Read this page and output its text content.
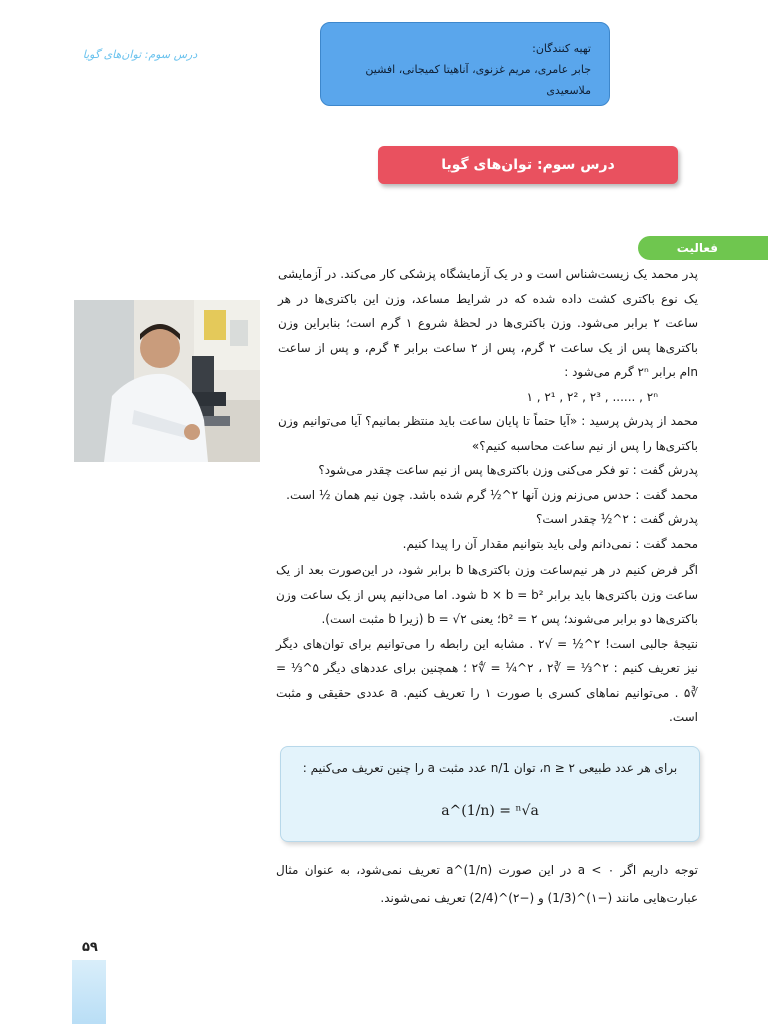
درس سوم: توان‌های گویا	تهیه کنندگان:
جابر عامری، مریم غزنوی، آناهیتا کمیجانی، افشین ملاسعیدی
درس سوم: توان‌های گویا
فعالیت

پدر محمد یک زیست‌شناس است و در یک آزمایشگاه پزشکی کار می‌کند. در آزمایشی یک نوع باکتری کشت داده شده که در شرایط مساعد، وزن این باکتری‌ها در هر ساعت ۲ برابر می‌شود. وزن باکتری‌ها در لحظهٔ شروع ۱ گرم است؛ بنابراین وزن باکتری‌ها پس از یک ساعت ۲ گرم، پس از ۲ ساعت برابر ۴ گرم، و پس از ساعت nام برابر ۲ⁿ گرم می‌شود :

۱ , ۲¹ , ۲² , ۲³ , ...... , ۲ⁿ

محمد از پدرش پرسید : «آیا حتماً تا پایان ساعت باید منتظر بمانیم؟ آیا می‌توانیم وزن باکتری‌ها را پس از نیم ساعت محاسبه کنیم؟»

پدرش گفت : تو فکر می‌کنی وزن باکتری‌ها پس از نیم ساعت چقدر می‌شود؟

محمد گفت : حدس می‌زنم وزن آنها ۲^½ گرم شده باشد. چون نیم همان ½ است.

پدرش گفت : ۲^½ چقدر است؟

محمد گفت : نمی‌دانم ولی باید بتوانیم مقدار آن را پیدا کنیم.

اگر فرض کنیم در هر نیم‌ساعت وزن باکتری‌ها b برابر شود، در این‌صورت بعد از یک ساعت وزن باکتری‌ها باید برابر b × b = b² شود. اما می‌دانیم پس از یک ساعت وزن باکتری‌ها دو برابر می‌شوند؛ پس b² = ۲؛ یعنی b = √۲ (زیرا b مثبت است).

نتیجهٔ جالبی است! ۲^½ = √۲ . مشابه این رابطه را می‌توانیم برای توان‌های دیگر نیز تعریف کنیم : ۲^⅓ = ∛۲ ، ۲^¼ = ∜۲ ؛ همچنین برای عددهای دیگر ۵^⅓ = ∛۵ . می‌توانیم نماهای کسری با صورت ۱ را تعریف کنیم. a عددی حقیقی و مثبت است.

برای هر عدد طبیعی n ≥ ۲، توان 1/n عدد مثبت a را چنین تعریف می‌کنیم :
a^(1/n) = ⁿ√a
توجه داریم اگر a < ۰ در این صورت a^(1/n) تعریف نمی‌شود، به عنوان مثال عبارت‌هایی مانند (−۱)^(1/3) و (−۲)^(2/4) تعریف نمی‌شوند.
۵۹
